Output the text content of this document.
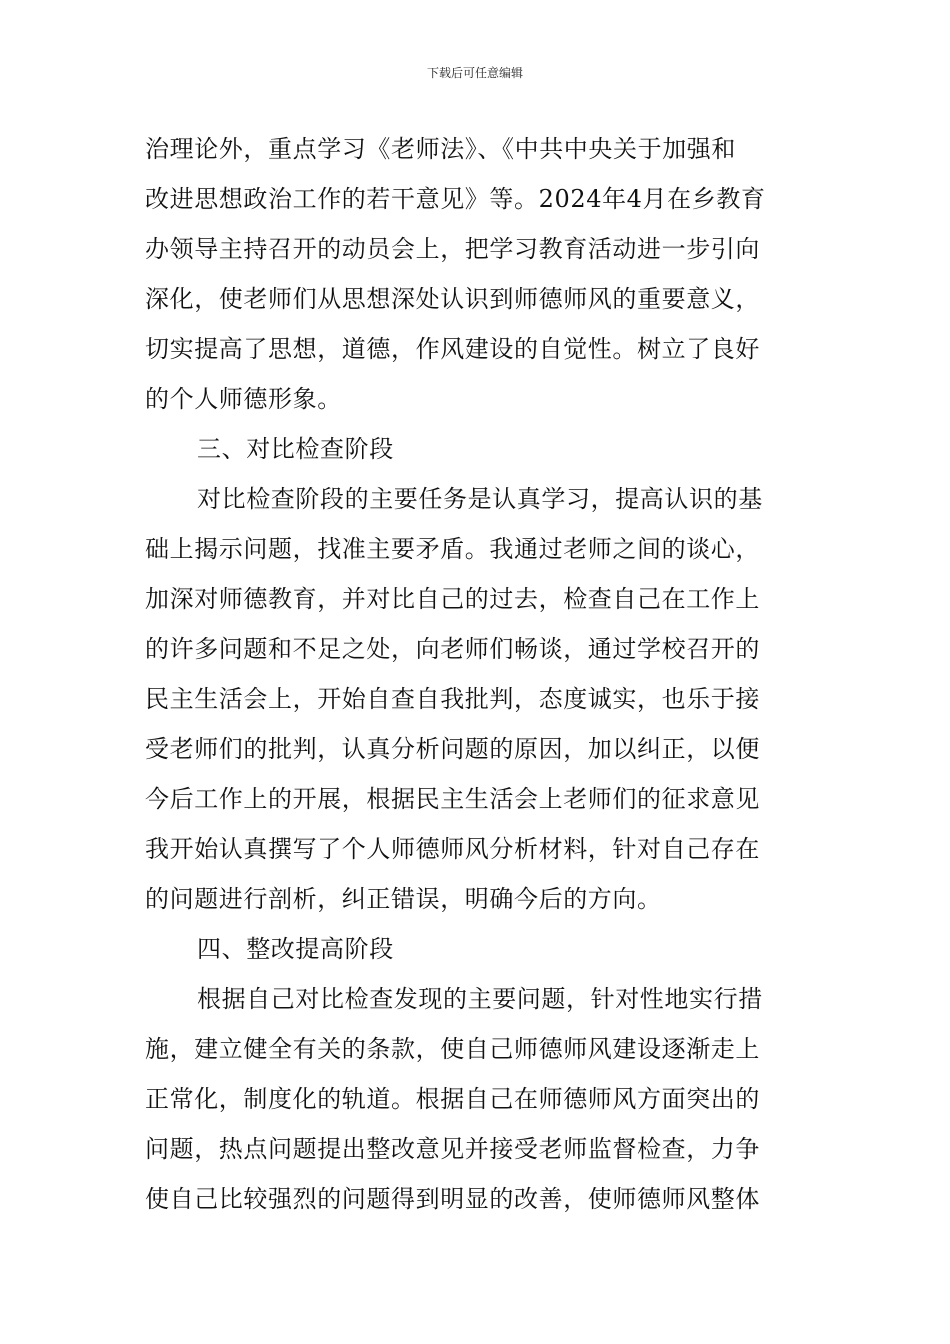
下载后可任意编辑
治理论外，重点学习《老师法》、《中共中央关于加强和
改进思想政治工作的若干意见》等。2024年4月在乡教育
办领导主持召开的动员会上，把学习教育活动进一步引向
深化，使老师们从思想深处认识到师德师风的重要意义，
切实提高了思想，道德，作风建设的自觉性。树立了良好
的个人师德形象。
三、对比检查阶段
对比检查阶段的主要任务是认真学习，提高认识的基
础上揭示问题，找准主要矛盾。我通过老师之间的谈心，
加深对师德教育，并对比自己的过去，检查自己在工作上
的许多问题和不足之处，向老师们畅谈，通过学校召开的
民主生活会上，开始自查自我批判，态度诚实，也乐于接
受老师们的批判，认真分析问题的原因，加以纠正，以便
今后工作上的开展，根据民主生活会上老师们的征求意见
我开始认真撰写了个人师德师风分析材料，针对自己存在
的问题进行剖析，纠正错误，明确今后的方向。
四、整改提高阶段
根据自己对比检查发现的主要问题，针对性地实行措
施，建立健全有关的条款，使自己师德师风建设逐渐走上
正常化，制度化的轨道。根据自己在师德师风方面突出的
问题，热点问题提出整改意见并接受老师监督检查，力争
使自己比较强烈的问题得到明显的改善，使师德师风整体
